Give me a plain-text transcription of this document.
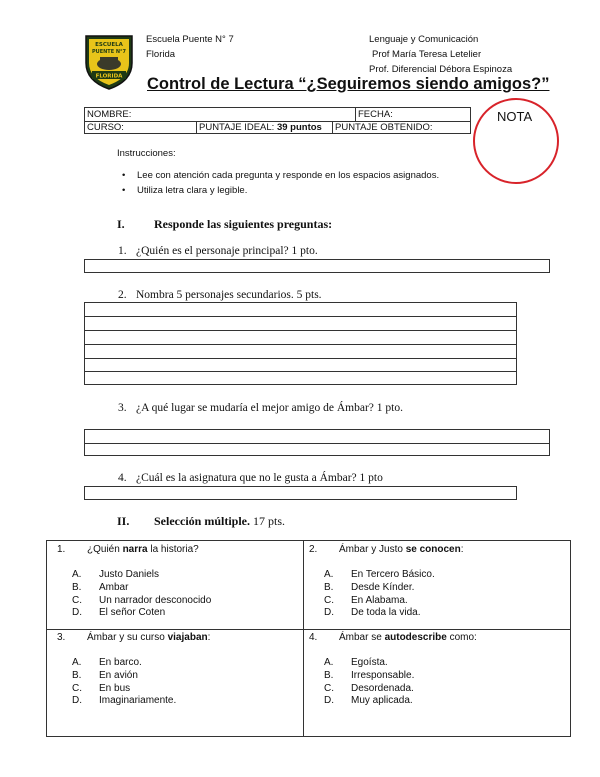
ESCUELA
PUENTE N°7
FLORIDA
Escuela Puente N° 7
Florida
Lenguaje y Comunicación
Prof María Teresa Letelier
Prof. Diferencial Débora Espinoza
Control de Lectura “¿Seguiremos siendo amigos?”
NOMBRE:	FECHA:
CURSO:	PUNTAJE IDEAL: 39 puntos	PUNTAJE OBTENIDO:
NOTA
Instrucciones:
• Lee con atención cada pregunta y responde en los espacios asignados.
• Utiliza letra clara y legible.
I. Responde las siguientes preguntas:
1. ¿Quién es el personaje principal? 1 pto.
2. Nombra 5 personajes secundarios. 5 pts.
3. ¿A qué lugar se mudaría el mejor amigo de Ámbar? 1 pto.
4. ¿Cuál es la asignatura que no le gusta a Ámbar? 1 pto
II. Selección múltiple. 17 pts.
1. ¿Quién narra la historia?
A. Justo Daniels
B. Ambar
C. Un narrador desconocido
D. El señor Coten
2. Ámbar y Justo se conocen:
A. En Tercero Básico.
B. Desde Kínder.
C. En Alabama.
D. De toda la vida.
3. Ámbar y su curso viajaban:
A. En barco.
B. En avión
C. En bus
D. Imaginariamente.
4. Ámbar se autodescribe como:
A. Egoísta.
B. Irresponsable.
C. Desordenada.
D. Muy aplicada.
